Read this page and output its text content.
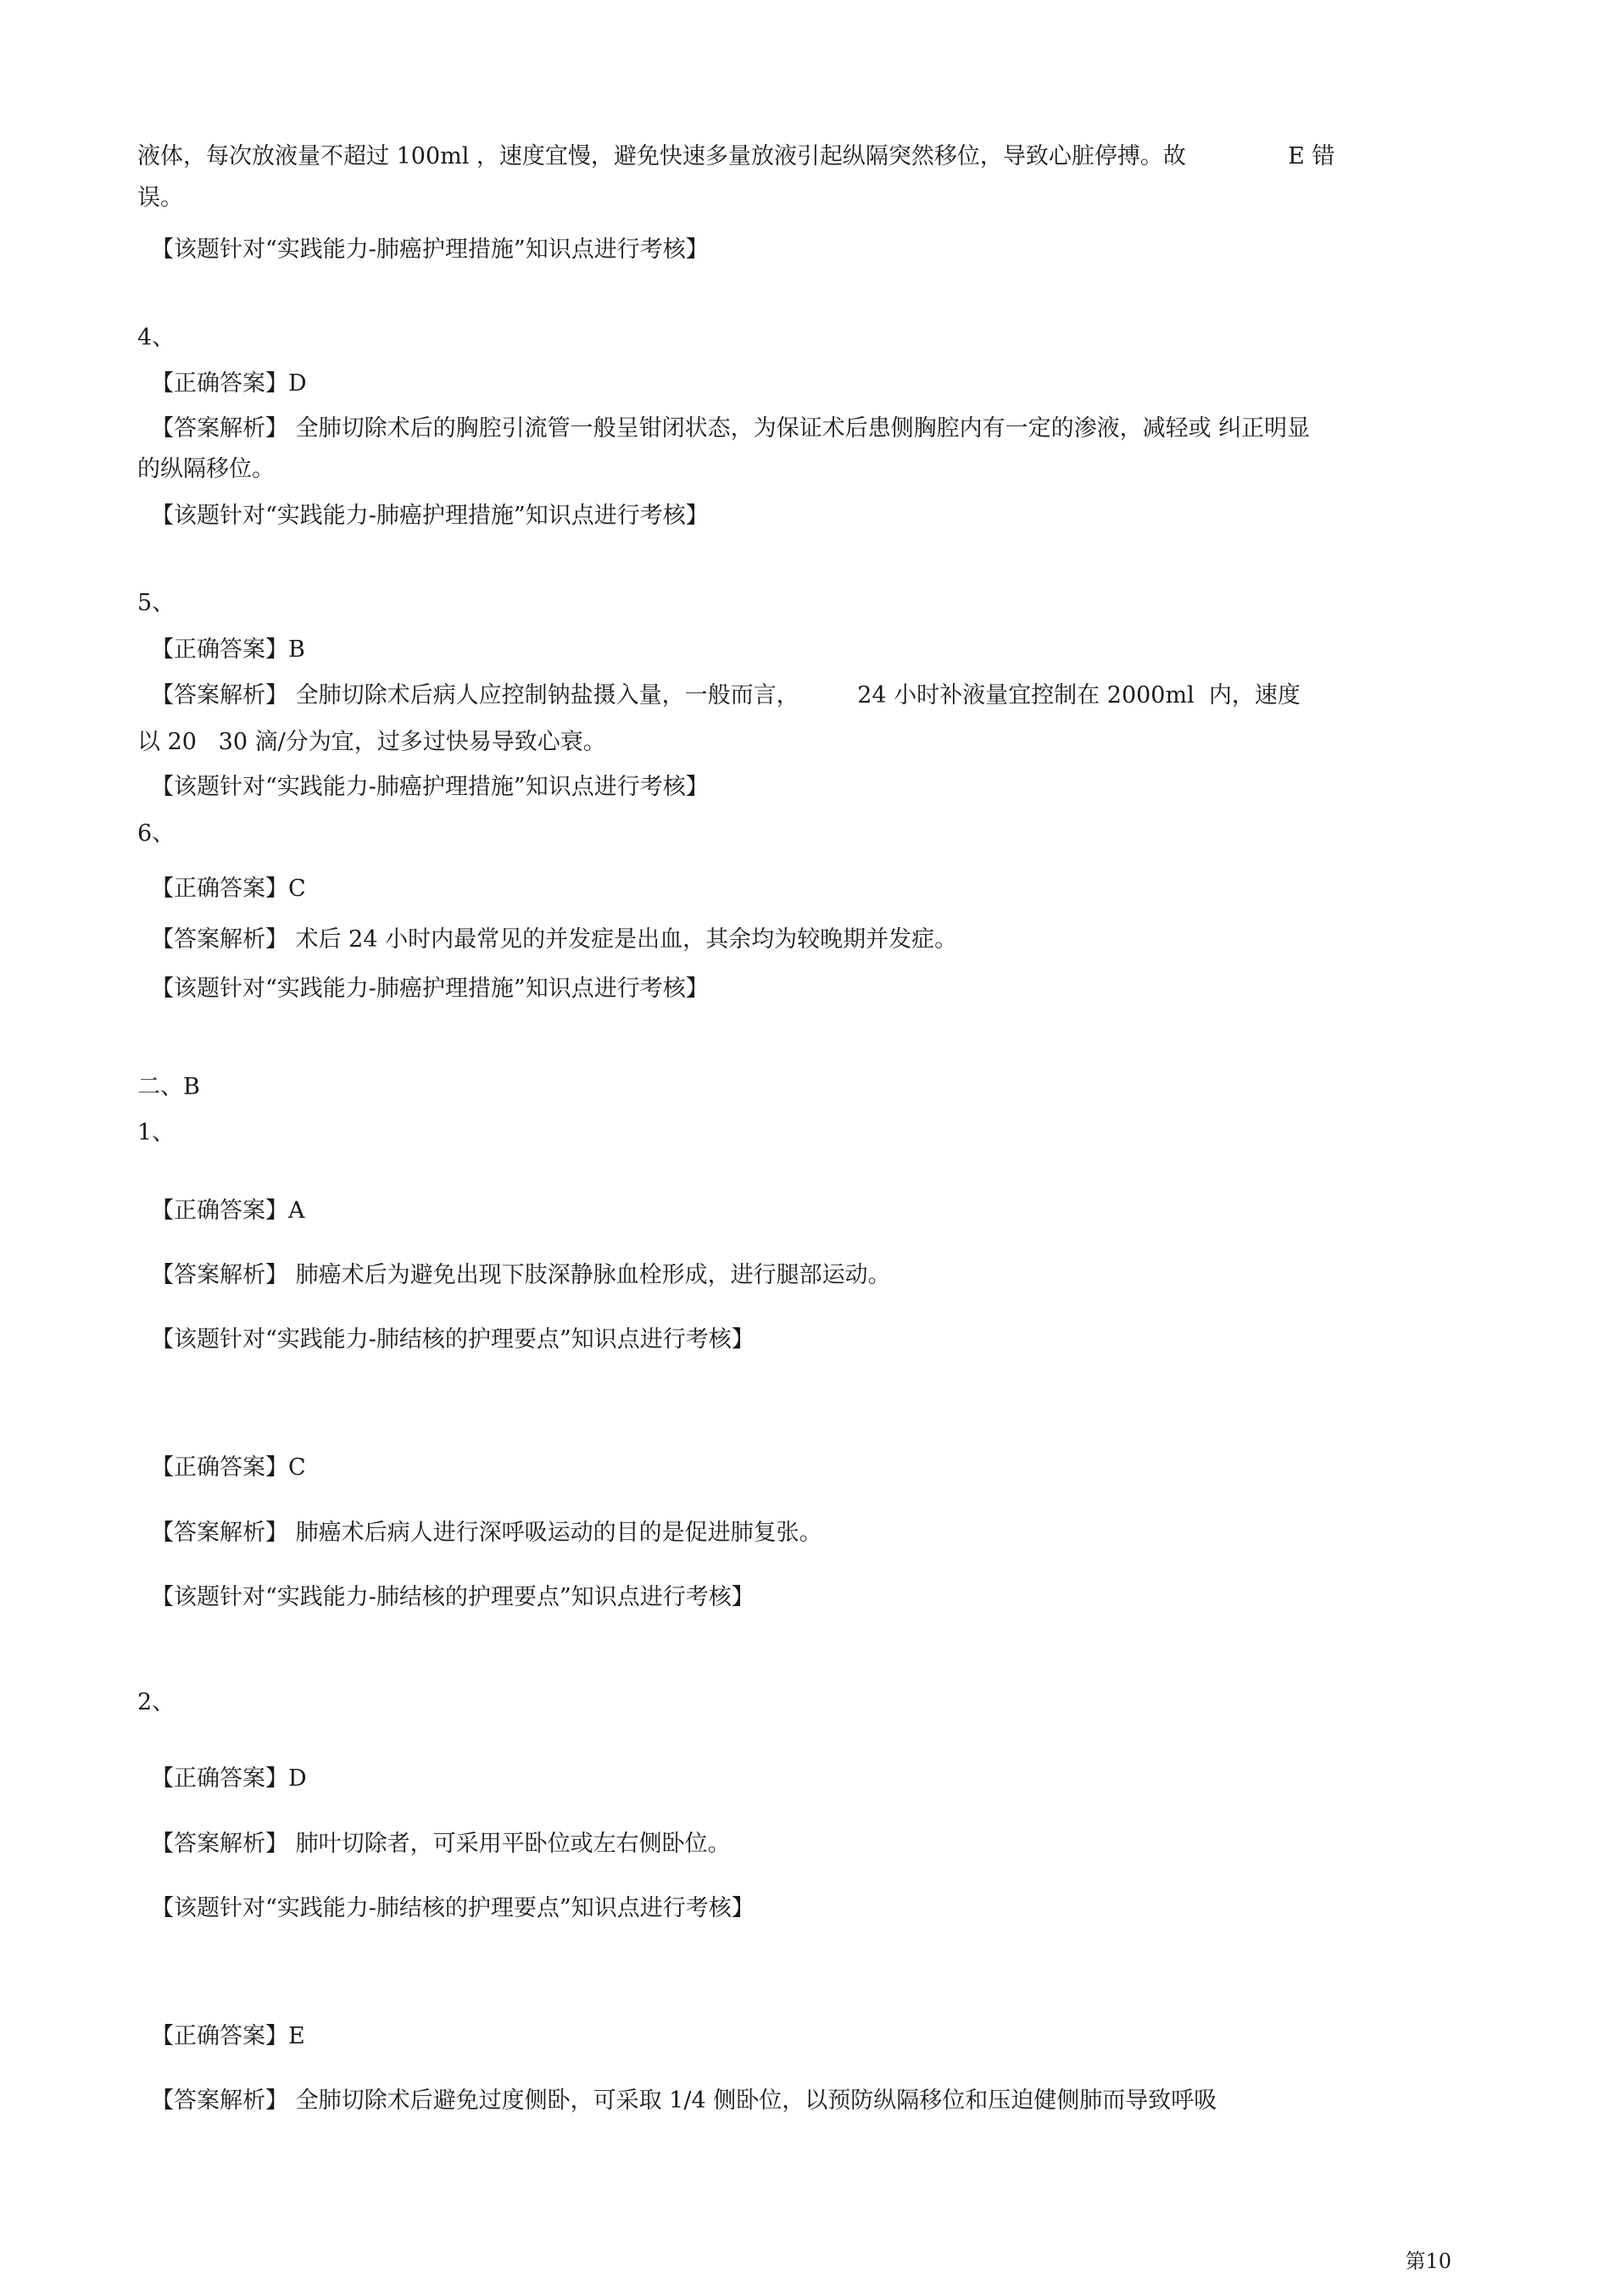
液体，每次放液量不超过 100ml ，速度宜慢，避免快速多量放液引起纵隔突然移位，导致心脏停搏。故              E 错

误。

【该题针对“实践能力-肺癌护理措施”知识点进行考核】

4、

【正确答案】D

【答案解析】 全肺切除术后的胸腔引流管一般呈钳闭状态，为保证术后患侧胸腔内有一定的渗液，减轻或 纠正明显

的纵隔移位。

【该题针对“实践能力-肺癌护理措施”知识点进行考核】

5、

【正确答案】B

【答案解析】 全肺切除术后病人应控制钠盐摄入量，一般而言，        24 小时补液量宜控制在 2000ml  内，速度

以 20   30 滴/分为宜，过多过快易导致心衰。

【该题针对“实践能力-肺癌护理措施”知识点进行考核】

6、

【正确答案】C

【答案解析】 术后 24 小时内最常见的并发症是出血，其余均为较晚期并发症。

【该题针对“实践能力-肺癌护理措施”知识点进行考核】

二、B

1、

【正确答案】A

【答案解析】 肺癌术后为避免出现下肢深静脉血栓形成，进行腿部运动。

【该题针对“实践能力-肺结核的护理要点”知识点进行考核】

【正确答案】C

【答案解析】 肺癌术后病人进行深呼吸运动的目的是促进肺复张。

【该题针对“实践能力-肺结核的护理要点”知识点进行考核】

2、

【正确答案】D

【答案解析】 肺叶切除者，可采用平卧位或左右侧卧位。

【该题针对“实践能力-肺结核的护理要点”知识点进行考核】

【正确答案】E

【答案解析】 全肺切除术后避免过度侧卧，可采取 1/4 侧卧位，以预防纵隔移位和压迫健侧肺而导致呼吸

第10
